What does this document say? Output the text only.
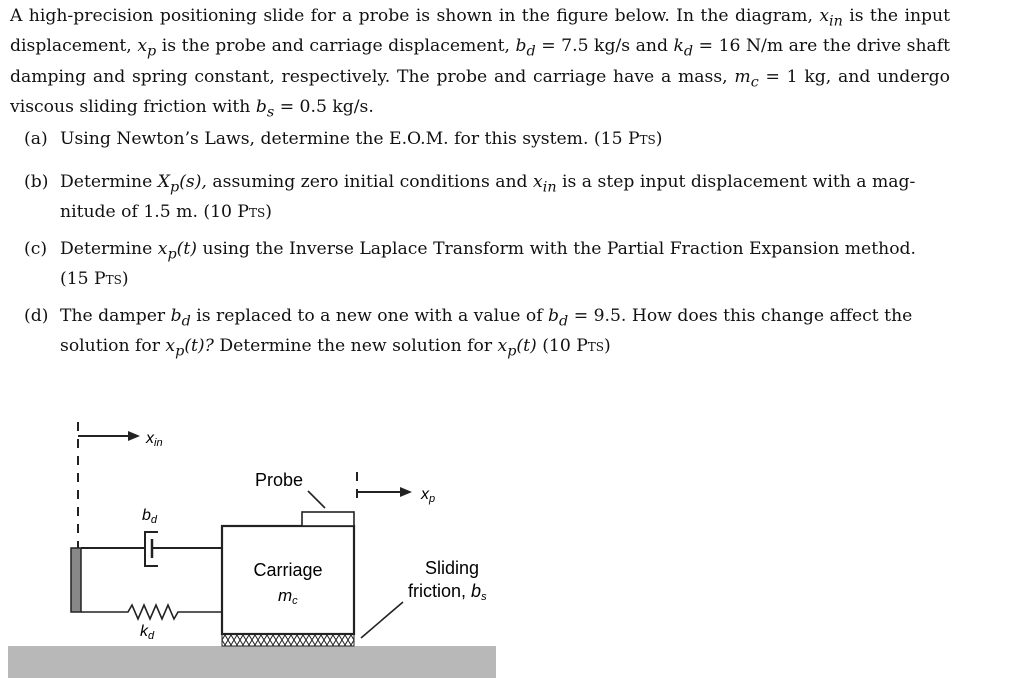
A high-precision positioning slide for a probe is shown in the figure below. In the diagram, $x_{in}$ is the input displacement, $x_p$ is the probe and carriage displacement, $b_d = 7.5$ kg/s and $k_d = 16$ N/m are the drive shaft damping and spring constant, respectively. The probe and carriage have a mass, $m_c = 1$ kg, and undergo viscous sliding friction with $b_s = 0.5$ kg/s.
(a) Using Newton’s Laws, determine the E.O.M. for this system. (15 Pts)
(b) Determine $X_p(s)$, assuming zero initial conditions and $x_{in}$ is a step input displacement with a mag-
nitude of 1.5 m. (10 Pts)
(c) Determine $x_p(t)$ using the Inverse Laplace Transform with the Partial Fraction Expansion method.
(15 Pts)
(d) The damper $b_d$ is replaced to a new one with a value of $b_d = 9.5$. How does this change affect the
solution for $x_p(t)$? Determine the new solution for $x_p(t)$ (10 Pts)
xin
bd
kd
Carriage
mc
Probe
xp
Sliding
friction, bs
